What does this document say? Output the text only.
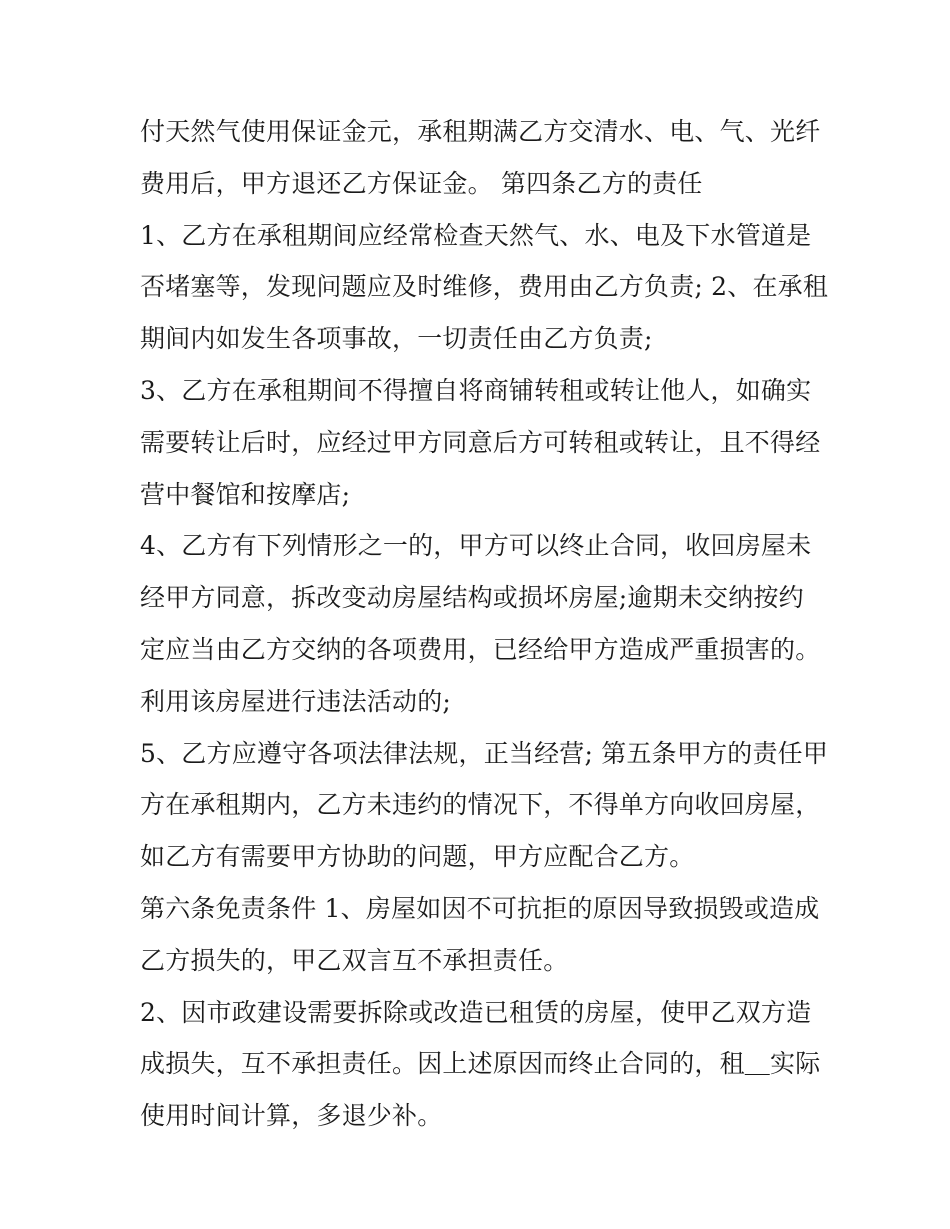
付天然气使用保证金元，承租期满乙方交清水、电、气、光纤
费用后，甲方退还乙方保证金。 第四条乙方的责任
1、乙方在承租期间应经常检查天然气、水、电及下水管道是
否堵塞等，发现问题应及时维修，费用由乙方负责; 2、在承租
期间内如发生各项事故，一切责任由乙方负责;
3、乙方在承租期间不得擅自将商铺转租或转让他人，如确实
需要转让后时，应经过甲方同意后方可转租或转让，且不得经
营中餐馆和按摩店;
4、乙方有下列情形之一的，甲方可以终止合同，收回房屋未
经甲方同意，拆改变动房屋结构或损坏房屋;逾期未交纳按约
定应当由乙方交纳的各项费用，已经给甲方造成严重损害的。
利用该房屋进行违法活动的;
5、乙方应遵守各项法律法规，正当经营; 第五条甲方的责任甲
方在承租期内，乙方未违约的情况下，不得单方向收回房屋，
如乙方有需要甲方协助的问题，甲方应配合乙方。
第六条免责条件 1、房屋如因不可抗拒的原因导致损毁或造成
乙方损失的，甲乙双言互不承担责任。
2、因市政建设需要拆除或改造已租赁的房屋，使甲乙双方造
成损失，互不承担责任。因上述原因而终止合同的，租＿实际
使用时间计算，多退少补。
